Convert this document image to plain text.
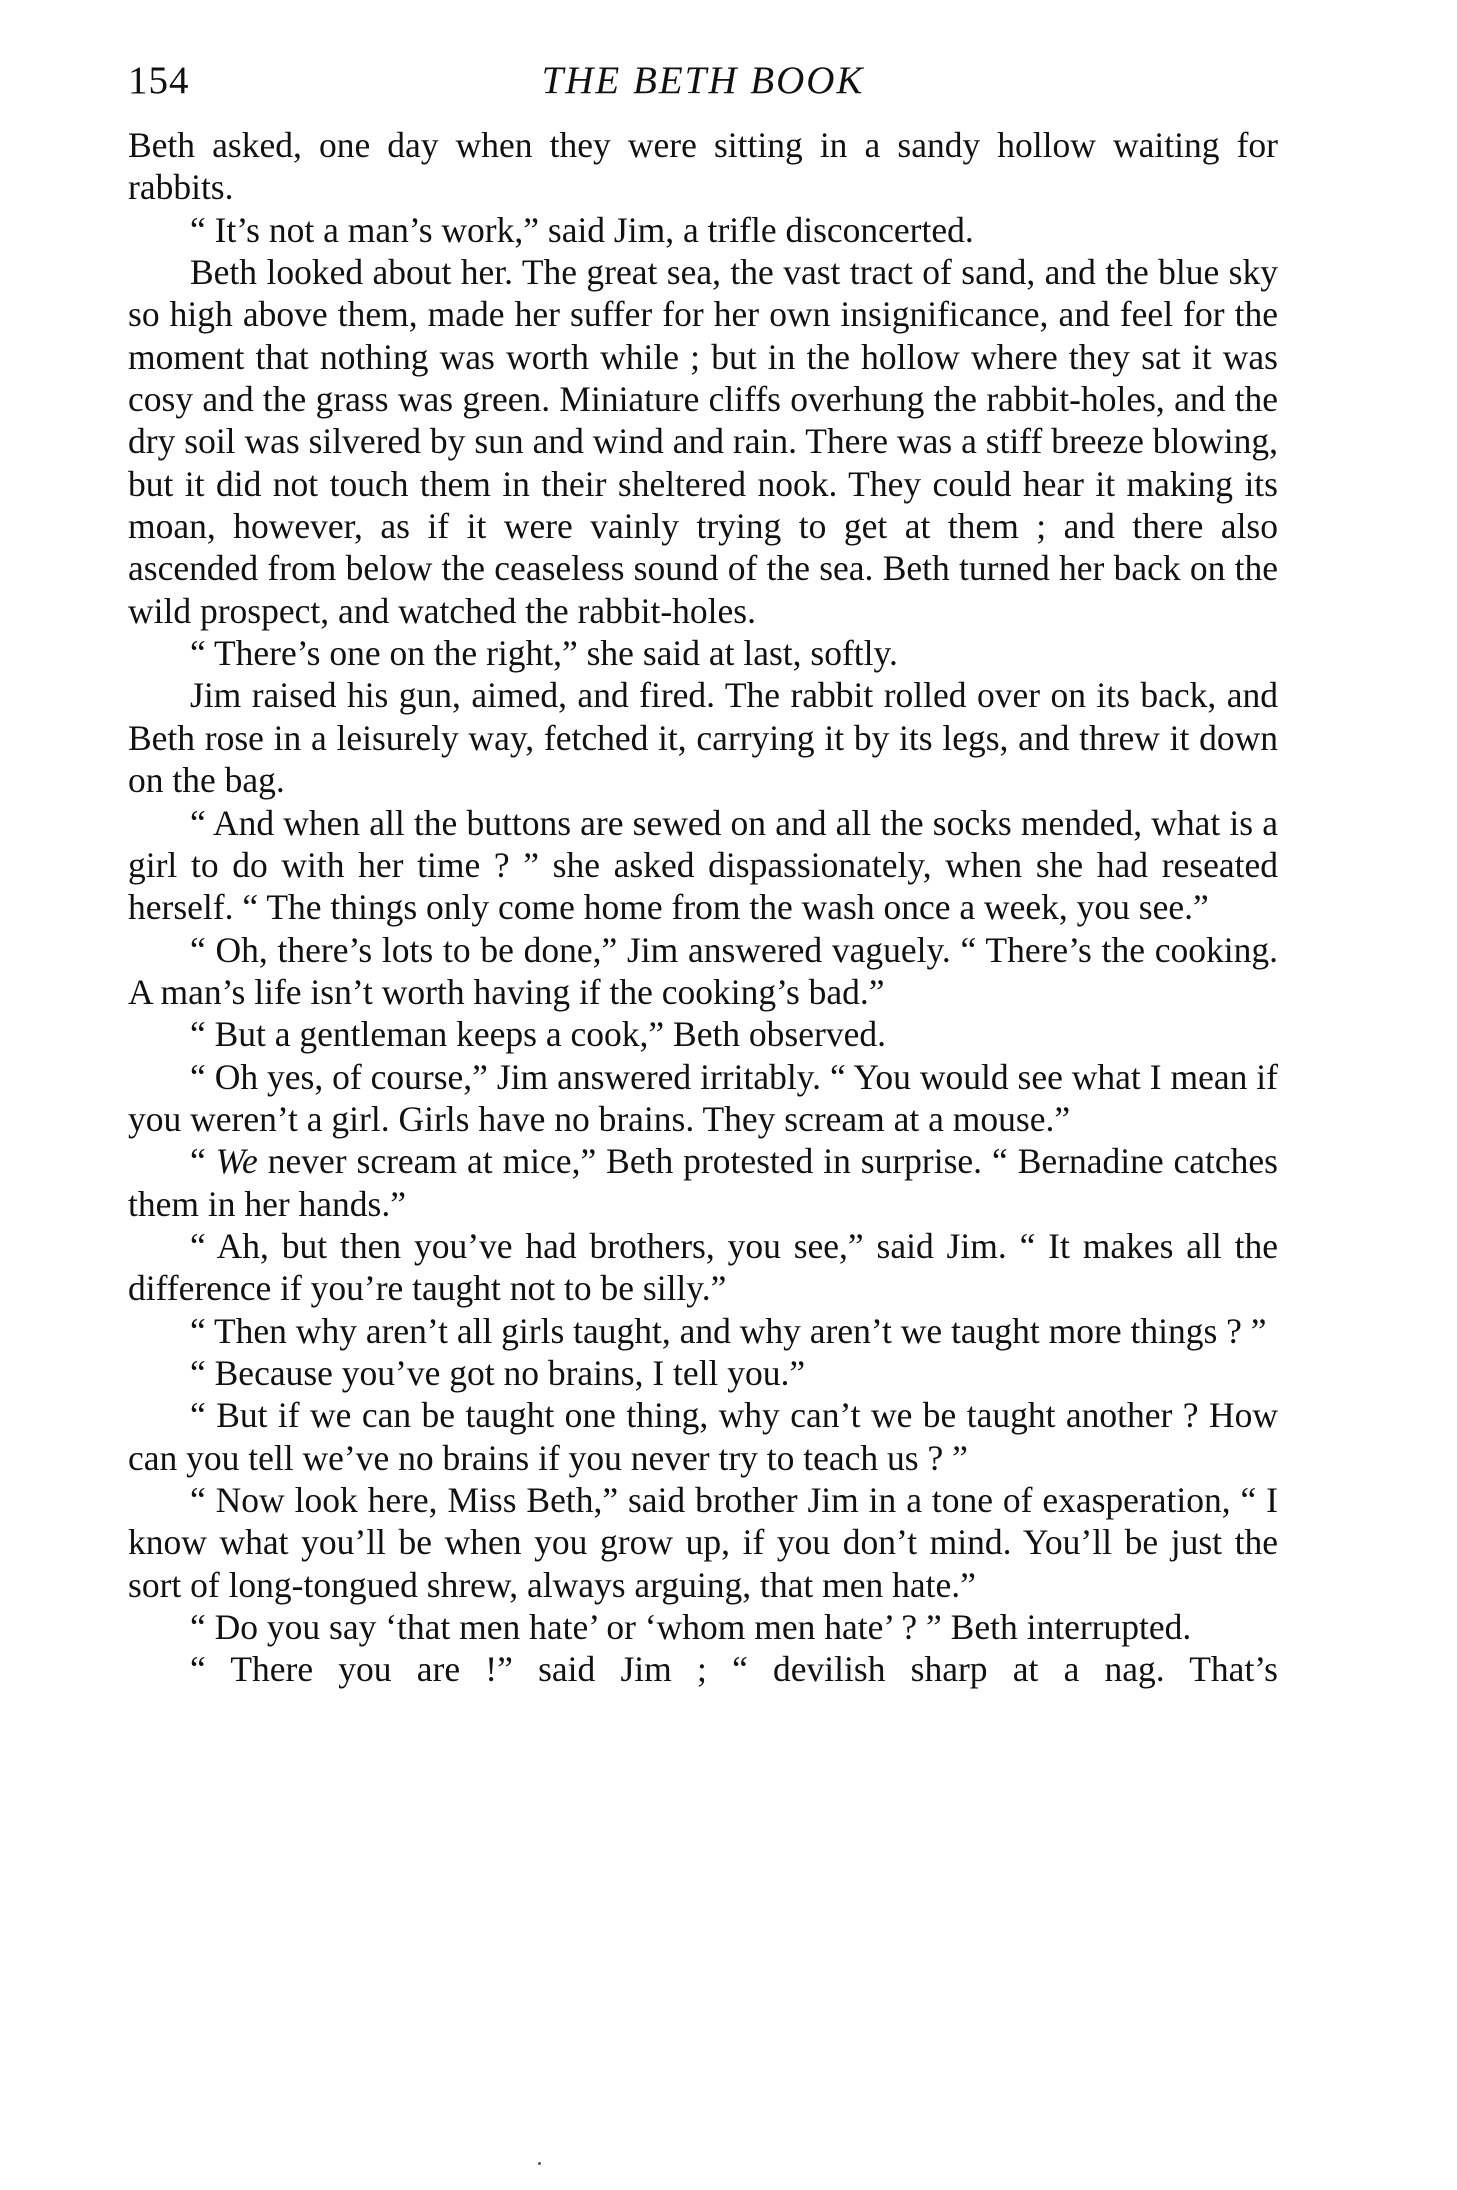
154	THE BETH BOOK

Beth asked, one day when they were sitting in a sandy hollow waiting for rabbits.

“ It’s not a man’s work,” said Jim, a trifle disconcerted.

Beth looked about her. The great sea, the vast tract of sand, and the blue sky so high above them, made her suffer for her own insignificance, and feel for the moment that nothing was worth while ; but in the hollow where they sat it was cosy and the grass was green. Miniature cliffs overhung the rabbit-holes, and the dry soil was silvered by sun and wind and rain. There was a stiff breeze blowing, but it did not touch them in their sheltered nook. They could hear it making its moan, however, as if it were vainly trying to get at them ; and there also ascended from below the ceaseless sound of the sea. Beth turned her back on the wild prospect, and watched the rabbit-holes.

“ There’s one on the right,” she said at last, softly.

Jim raised his gun, aimed, and fired. The rabbit rolled over on its back, and Beth rose in a leisurely way, fetched it, carrying it by its legs, and threw it down on the bag.

“ And when all the buttons are sewed on and all the socks mended, what is a girl to do with her time ? ” she asked dispassionately, when she had reseated herself. “ The things only come home from the wash once a week, you see.”

“ Oh, there’s lots to be done,” Jim answered vaguely. “ There’s the cooking. A man’s life isn’t worth having if the cooking’s bad.”

“ But a gentleman keeps a cook,” Beth observed.

“ Oh yes, of course,” Jim answered irritably. “ You would see what I mean if you weren’t a girl. Girls have no brains. They scream at a mouse.”

“ We never scream at mice,” Beth protested in surprise. “ Bernadine catches them in her hands.”

“ Ah, but then you’ve had brothers, you see,” said Jim. “ It makes all the difference if you’re taught not to be silly.”

“ Then why aren’t all girls taught, and why aren’t we taught more things ? ”

“ Because you’ve got no brains, I tell you.”

“ But if we can be taught one thing, why can’t we be taught another ? How can you tell we’ve no brains if you never try to teach us ? ”

“ Now look here, Miss Beth,” said brother Jim in a tone of exasperation, “ I know what you’ll be when you grow up, if you don’t mind. You’ll be just the sort of long-tongued shrew, always arguing, that men hate.”

“ Do you say ‘that men hate’ or ‘whom men hate’ ? ” Beth interrupted.

“ There you are !” said Jim ; “ devilish sharp at a nag. That’s
